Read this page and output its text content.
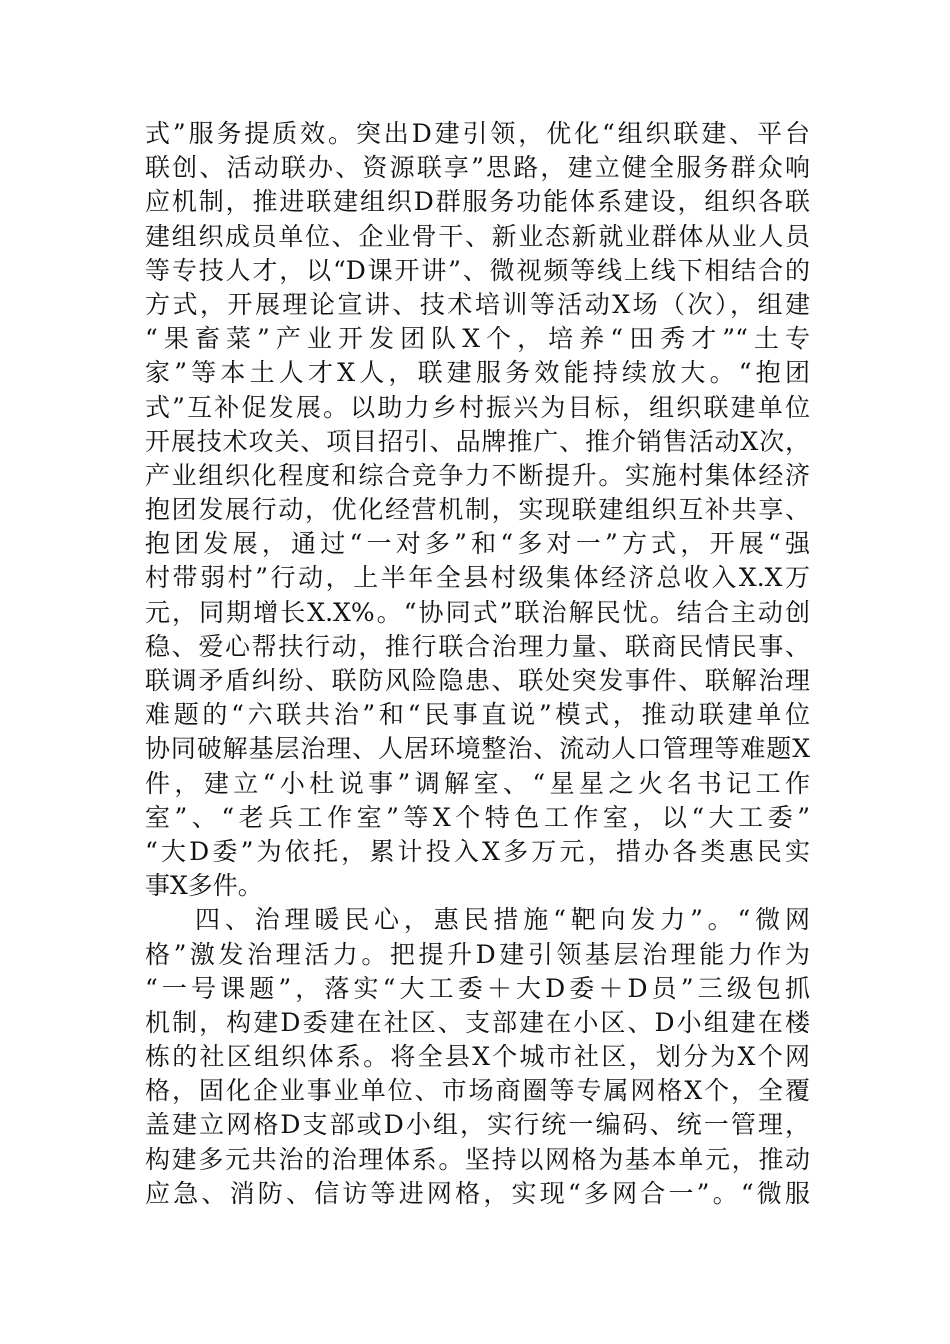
式”服务提质效。突出D建引领，优化“组织联建、平台
联创、活动联办、资源联享”思路，建立健全服务群众响
应机制，推进联建组织D群服务功能体系建设，组织各联
建组织成员单位、企业骨干、新业态新就业群体从业人员
等专技人才，以“D课开讲”、微视频等线上线下相结合的
方式，开展理论宣讲、技术培训等活动X场（次），组建
“果畜菜”产业开发团队X个，培养“田秀才”“土专
家”等本土人才X人，联建服务效能持续放大。“抱团
式”互补促发展。以助力乡村振兴为目标，组织联建单位
开展技术攻关、项目招引、品牌推广、推介销售活动X次，
产业组织化程度和综合竞争力不断提升。实施村集体经济
抱团发展行动，优化经营机制，实现联建组织互补共享、
抱团发展，通过“一对多”和“多对一”方式，开展“强
村带弱村”行动，上半年全县村级集体经济总收入X.X万
元，同期增长X.X%。“协同式”联治解民忧。结合主动创
稳、爱心帮扶行动，推行联合治理力量、联商民情民事、
联调矛盾纠纷、联防风险隐患、联处突发事件、联解治理
难题的“六联共治”和“民事直说”模式，推动联建单位
协同破解基层治理、人居环境整治、流动人口管理等难题X
件，建立“小杜说事”调解室、“星星之火名书记工作
室”、“老兵工作室”等X个特色工作室，以“大工委”
“大D委”为依托，累计投入X多万元，措办各类惠民实
事X多件。
四、治理暖民心，惠民措施“靶向发力”。“微网
格”激发治理活力。把提升D建引领基层治理能力作为
“一号课题”，落实“大工委＋大D委＋D员”三级包抓
机制，构建D委建在社区、支部建在小区、D小组建在楼
栋的社区组织体系。将全县X个城市社区，划分为X个网
格，固化企业事业单位、市场商圈等专属网格X个，全覆
盖建立网格D支部或D小组，实行统一编码、统一管理，
构建多元共治的治理体系。坚持以网格为基本单元，推动
应急、消防、信访等进网格，实现“多网合一”。“微服
